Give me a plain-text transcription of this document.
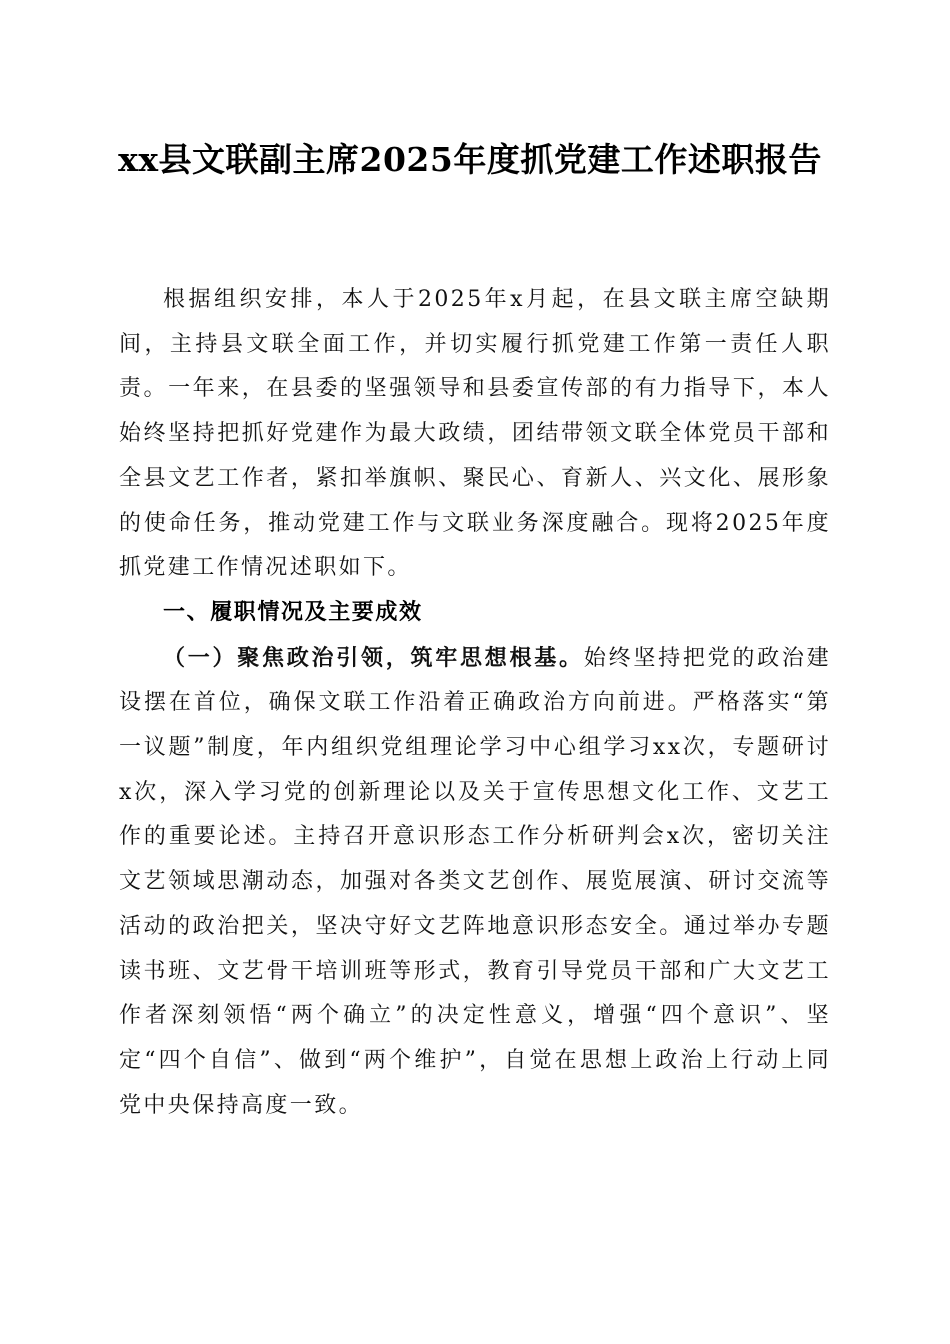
xx县文联副主席2025年度抓党建工作述职报告

根据组织安排，本人于2025年x月起，在县文联主席空缺期间，主持县文联全面工作，并切实履行抓党建工作第一责任人职责。一年来，在县委的坚强领导和县委宣传部的有力指导下，本人始终坚持把抓好党建作为最大政绩，团结带领文联全体党员干部和全县文艺工作者，紧扣举旗帜、聚民心、育新人、兴文化、展形象的使命任务，推动党建工作与文联业务深度融合。现将2025年度抓党建工作情况述职如下。

一、履职情况及主要成效

（一）聚焦政治引领，筑牢思想根基。始终坚持把党的政治建设摆在首位，确保文联工作沿着正确政治方向前进。严格落实“第一议题”制度，年内组织党组理论学习中心组学习xx次，专题研讨x次，深入学习党的创新理论以及关于宣传思想文化工作、文艺工作的重要论述。主持召开意识形态工作分析研判会x次，密切关注文艺领域思潮动态，加强对各类文艺创作、展览展演、研讨交流等活动的政治把关，坚决守好文艺阵地意识形态安全。通过举办专题读书班、文艺骨干培训班等形式，教育引导党员干部和广大文艺工作者深刻领悟“两个确立”的决定性意义，增强“四个意识”、坚定“四个自信”、做到“两个维护”，自觉在思想上政治上行动上同党中央保持高度一致。
